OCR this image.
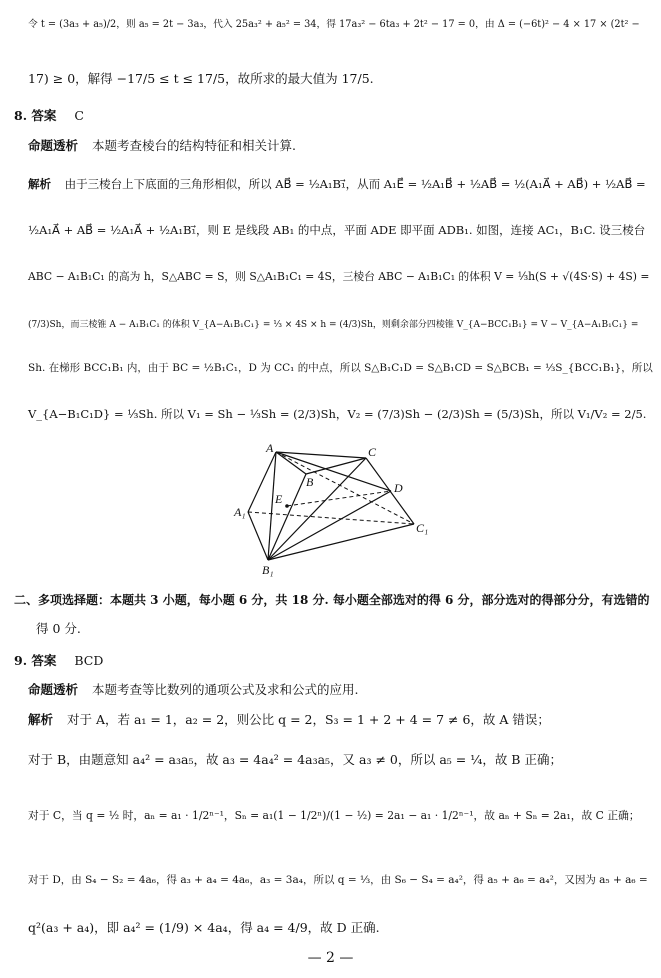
令 t = (3a₃ + a₅)/2，则 a₅ = 2t − 3a₃，代入 25a₃² + a₅² = 34，得 17a₃² − 6ta₃ + 2t² − 17 = 0，由 Δ = (−6t)² − 4 × 17 × (2t² −
17) ≥ 0，解得 −17/5 ≤ t ≤ 17/5，故所求的最大值为 17/5.
8. 答案 C
命题透析 本题考查棱台的结构特征和相关计算.
解析 由于三棱台上下底面的三角形相似，所以 AB⃗ = ½A₁B₁⃗，从而 A₁E⃗ = ½A₁B⃗ + ½AB⃗ = ½(A₁A⃗ + AB⃗) + ½AB⃗ =
½A₁A⃗ + AB⃗ = ½A₁A⃗ + ½A₁B₁⃗，则 E 是线段 AB₁ 的中点，平面 ADE 即平面 ADB₁. 如图，连接 AC₁，B₁C. 设三棱台
ABC − A₁B₁C₁ 的高为 h，S△ABC = S，则 S△A₁B₁C₁ = 4S，三棱台 ABC − A₁B₁C₁ 的体积 V = ⅓h(S + √(4S·S) + 4S) =
(7/3)Sh，而三棱锥 A − A₁B₁C₁ 的体积 V_{A−A₁B₁C₁} = ⅓ × 4S × h = (4/3)Sh，则剩余部分四棱锥 V_{A−BCC₁B₁} = V − V_{A−A₁B₁C₁} =
Sh. 在梯形 BCC₁B₁ 内，由于 BC = ½B₁C₁，D 为 CC₁ 的中点，所以 S△B₁C₁D = S△B₁CD = S△BCB₁ = ⅓S_{BCC₁B₁}，所以
V_{A−B₁C₁D} = ⅓Sh. 所以 V₁ = Sh − ⅓Sh = (2/3)Sh，V₂ = (7/3)Sh − (2/3)Sh = (5/3)Sh，所以 V₁/V₂ = 2/5.
A
B
C
D
E
A₁
B₁
C₁
二、多项选择题：本题共 3 小题，每小题 6 分，共 18 分. 每小题全部选对的得 6 分，部分选对的得部分分，有选错的
得 0 分.
9. 答案 BCD
命题透析 本题考查等比数列的通项公式及求和公式的应用.
解析 对于 A，若 a₁ = 1，a₂ = 2，则公比 q = 2，S₃ = 1 + 2 + 4 = 7 ≠ 6，故 A 错误；
对于 B，由题意知 a₄² = a₃a₅，故 a₃ = 4a₄² = 4a₃a₅，又 a₃ ≠ 0，所以 a₅ = ¼，故 B 正确；
对于 C，当 q = ½ 时，aₙ = a₁ · 1/2ⁿ⁻¹，Sₙ = a₁(1 − 1/2ⁿ)/(1 − ½) = 2a₁ − a₁ · 1/2ⁿ⁻¹，故 aₙ + Sₙ = 2a₁，故 C 正确；
对于 D，由 S₄ − S₂ = 4a₆，得 a₃ + a₄ = 4a₆，a₃ = 3a₄，所以 q = ⅓，由 S₆ − S₄ = a₄²，得 a₅ + a₆ = a₄²，又因为 a₅ + a₆ =
q²(a₃ + a₄)，即 a₄² = (1/9) × 4a₄，得 a₄ = 4/9，故 D 正确.
— 2 —
